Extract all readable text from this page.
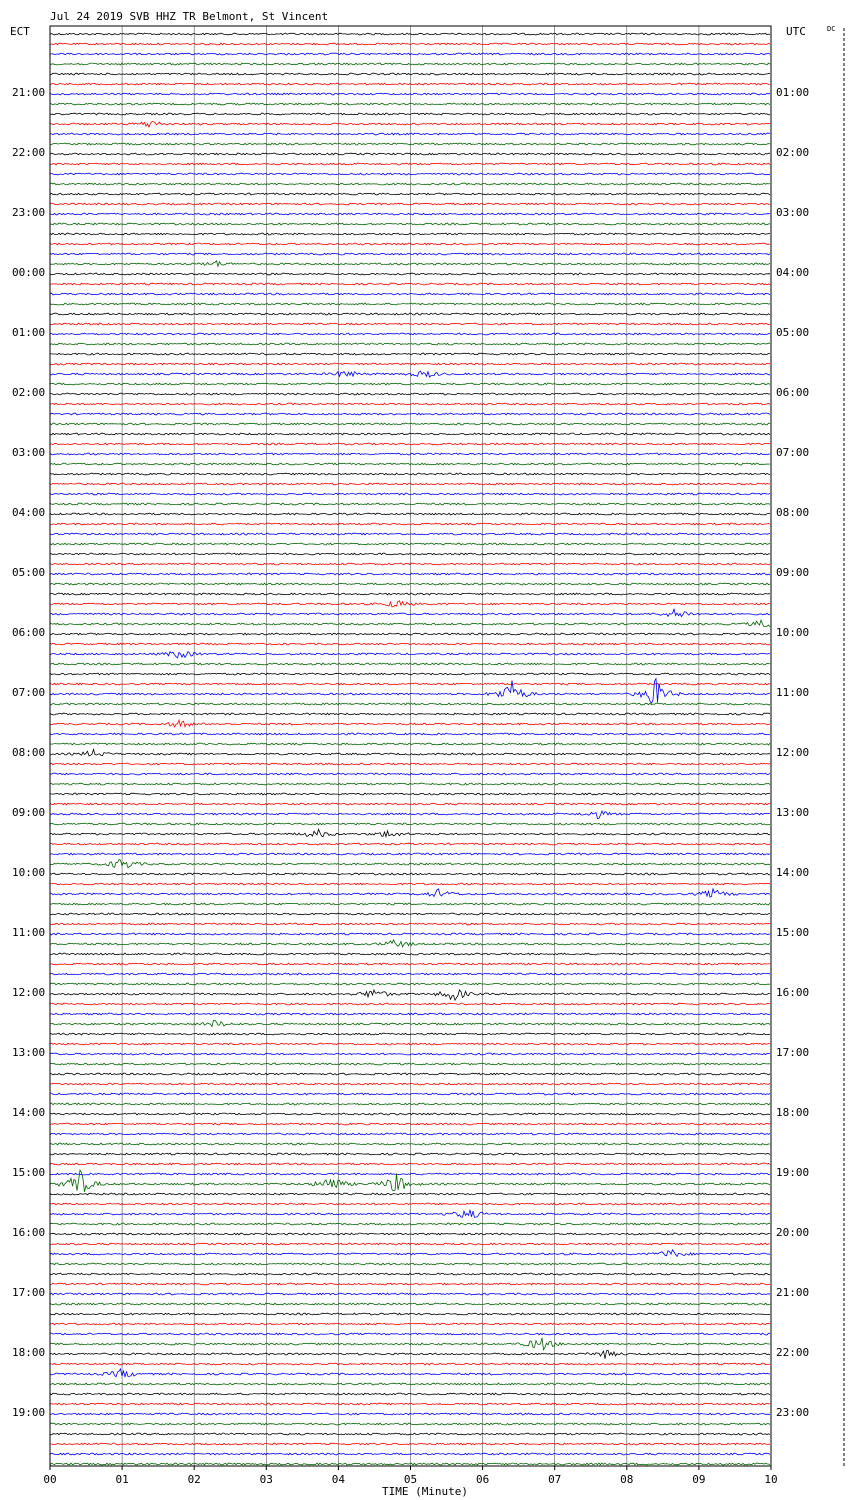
Jul 24 2019 SVB HHZ TR Belmont, St Vincent
ECT	UTC	DC
21:00
22:00
23:00
00:00
01:00
02:00
03:00
04:00
05:00
06:00
07:00
08:00
09:00
10:00
11:00
12:00
13:00
14:00
15:00
16:00
17:00
18:00
19:00
01:00
02:00
03:00
04:00
05:00
06:00
07:00
08:00
09:00
10:00
11:00
12:00
13:00
14:00
15:00
16:00
17:00
18:00
19:00
20:00
21:00
22:00
23:00
00	01	02	03	04	05	06	07	08	09	10
TIME (Minute)
